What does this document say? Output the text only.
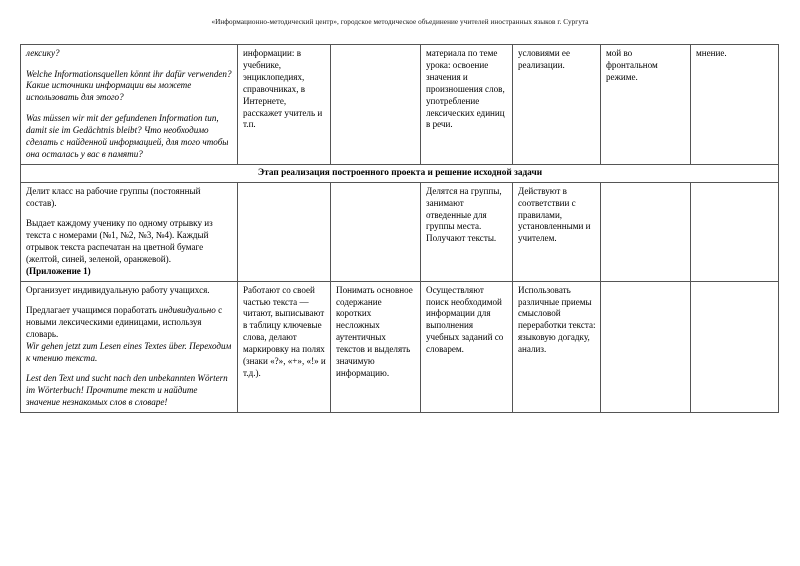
«Информационно-методический центр», городское методическое объединение учителей иностранных языков г. Сургута
лексику?
Welche Informationsquellen könnt ihr dafür verwenden? Какие источники информации вы можете использовать для этого?
Was müssen wir mit der gefundenen Information tun, damit sie im Gedächtnis bleibt? Что необходимо сделать с найденной информацией, для того чтобы она осталась у вас в памяти?	информации: в учебнике, энциклопедиях, справочниках, в Интернете, расскажет учитель и т.п.		материала по теме урока: освоение значения и произношения слов, употребление лексических единиц в речи.	условиями ее реализации.	мой во фронтальном режиме.	мнение.
Этап реализация построенного проекта и решение исходной задачи						
Делит класс на рабочие группы (постоянный состав).
Выдает каждому ученику по одному отрывку из текста с номерами (№1, №2, №3, №4). Каждый отрывок текста распечатан на цветной бумаге (желтой, синей, зеленой, оранжевой).
(Приложение 1)			Делятся на группы, занимают отведенные для группы места. Получают тексты.	Действуют в соответствии с правилами, установленными и учителем.		
Организует индивидуальную работу учащихся.
Предлагает учащимся поработать индивидуально с новыми лексическими единицами, используя словарь.
Wir gehen jetzt zum Lesen eines Textes über. Переходим к чтению текста.
Lest den Text und sucht nach den unbekannten Wörtern im Wörterbuch! Прочтите текст и найдите значение незнакомых слов в словаре!	Работают со своей частью текста — читают, выписывают в таблицу ключевые слова, делают маркировку на полях (знаки «?», «+», «!» и т.д.).	Понимать основное содержание коротких несложных аутентичных текстов и выделять значимую информацию.	Осуществляют поиск необходимой информации для выполнения учебных заданий со словарем.	Использовать различные приемы смысловой переработки текста: языковую догадку, анализ.		
